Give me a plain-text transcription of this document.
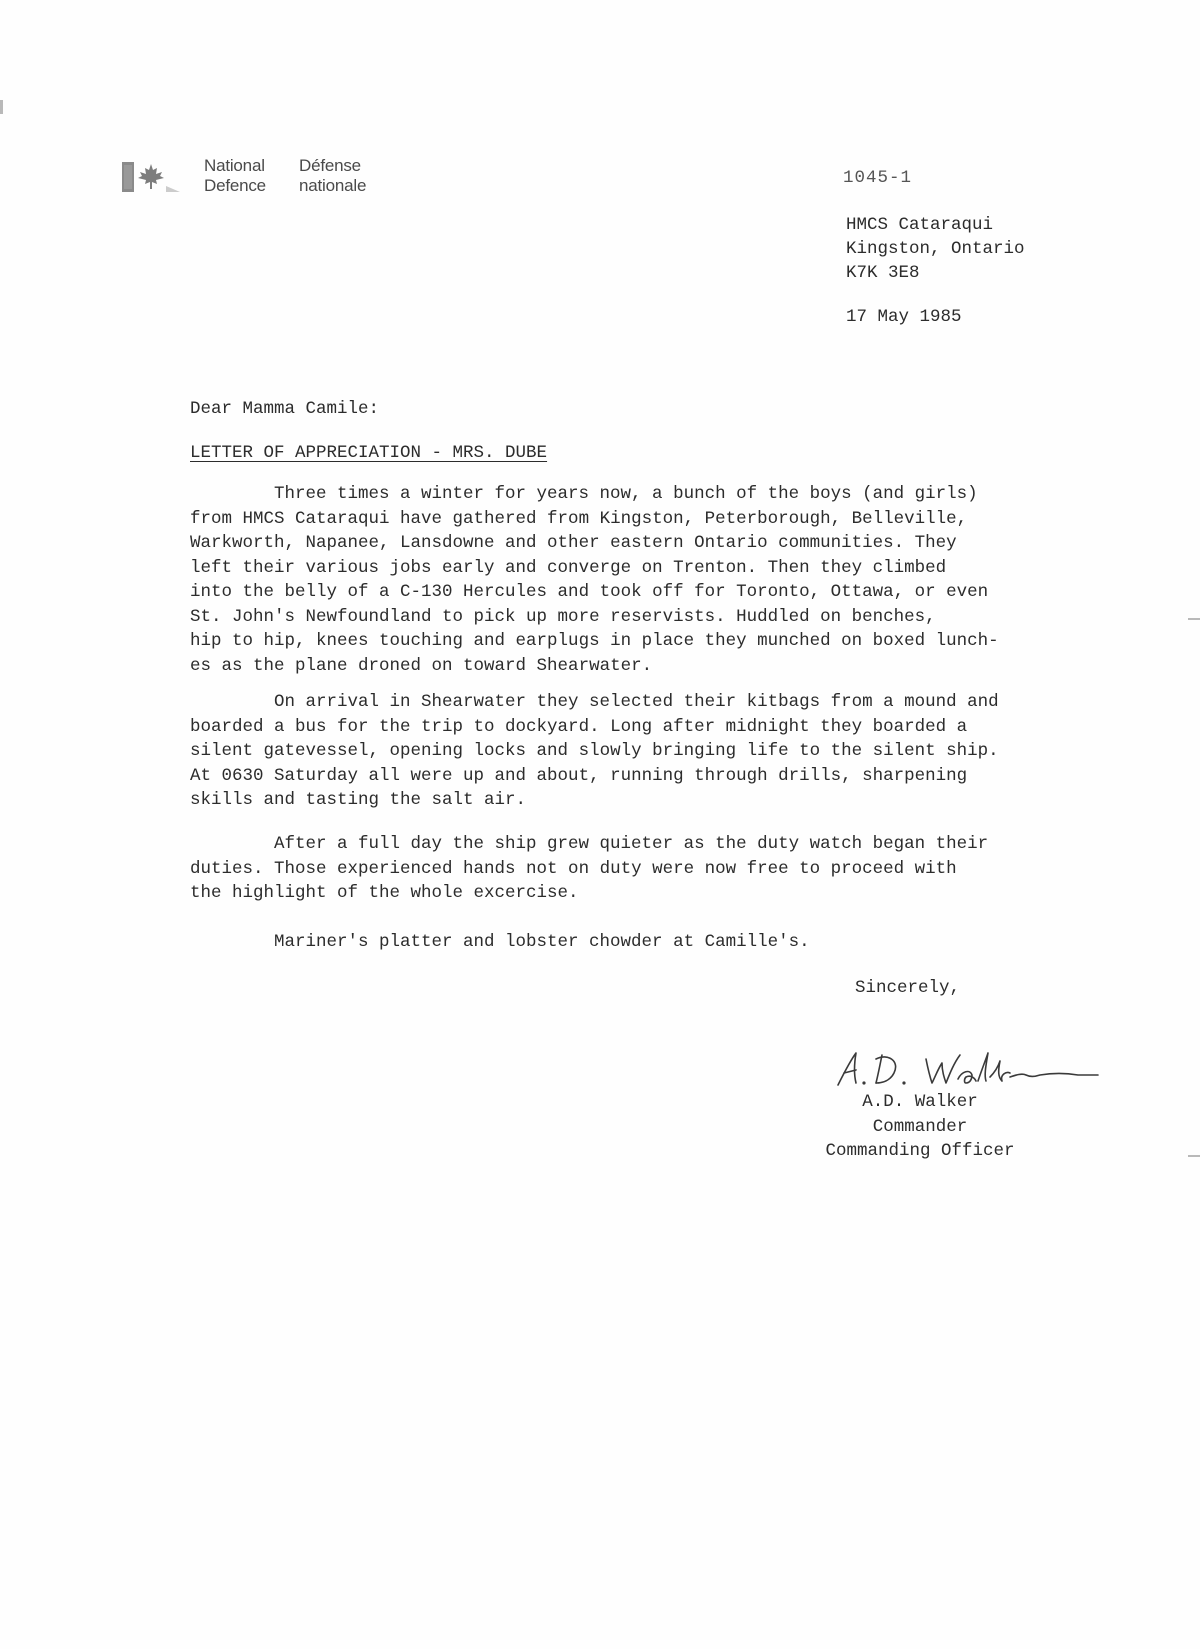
National
Defence
Défense
nationale	1045-1
HMCS Cataraqui
Kingston, Ontario
K7K 3E8
17 May 1985
Dear Mamma Camile:
LETTER OF APPRECIATION - MRS. DUBE
Three times a winter for years now, a bunch of the boys (and girls)
from HMCS Cataraqui have gathered from Kingston, Peterborough, Belleville,
Warkworth, Napanee, Lansdowne and other eastern Ontario communities. They
left their various jobs early and converge on Trenton. Then they climbed
into the belly of a C-130 Hercules and took off for Toronto, Ottawa, or even
St. John's Newfoundland to pick up more reservists. Huddled on benches,
hip to hip, knees touching and earplugs in place they munched on boxed lunch-
es as the plane droned on toward Shearwater.
On arrival in Shearwater they selected their kitbags from a mound and
boarded a bus for the trip to dockyard. Long after midnight they boarded a
silent gatevessel, opening locks and slowly bringing life to the silent ship.
At 0630 Saturday all were up and about, running through drills, sharpening
skills and tasting the salt air.
After a full day the ship grew quieter as the duty watch began their
duties. Those experienced hands not on duty were now free to proceed with
the highlight of the whole excercise.
Mariner's platter and lobster chowder at Camille's.
Sincerely,
A.D. Walker
Commander
Commanding Officer
